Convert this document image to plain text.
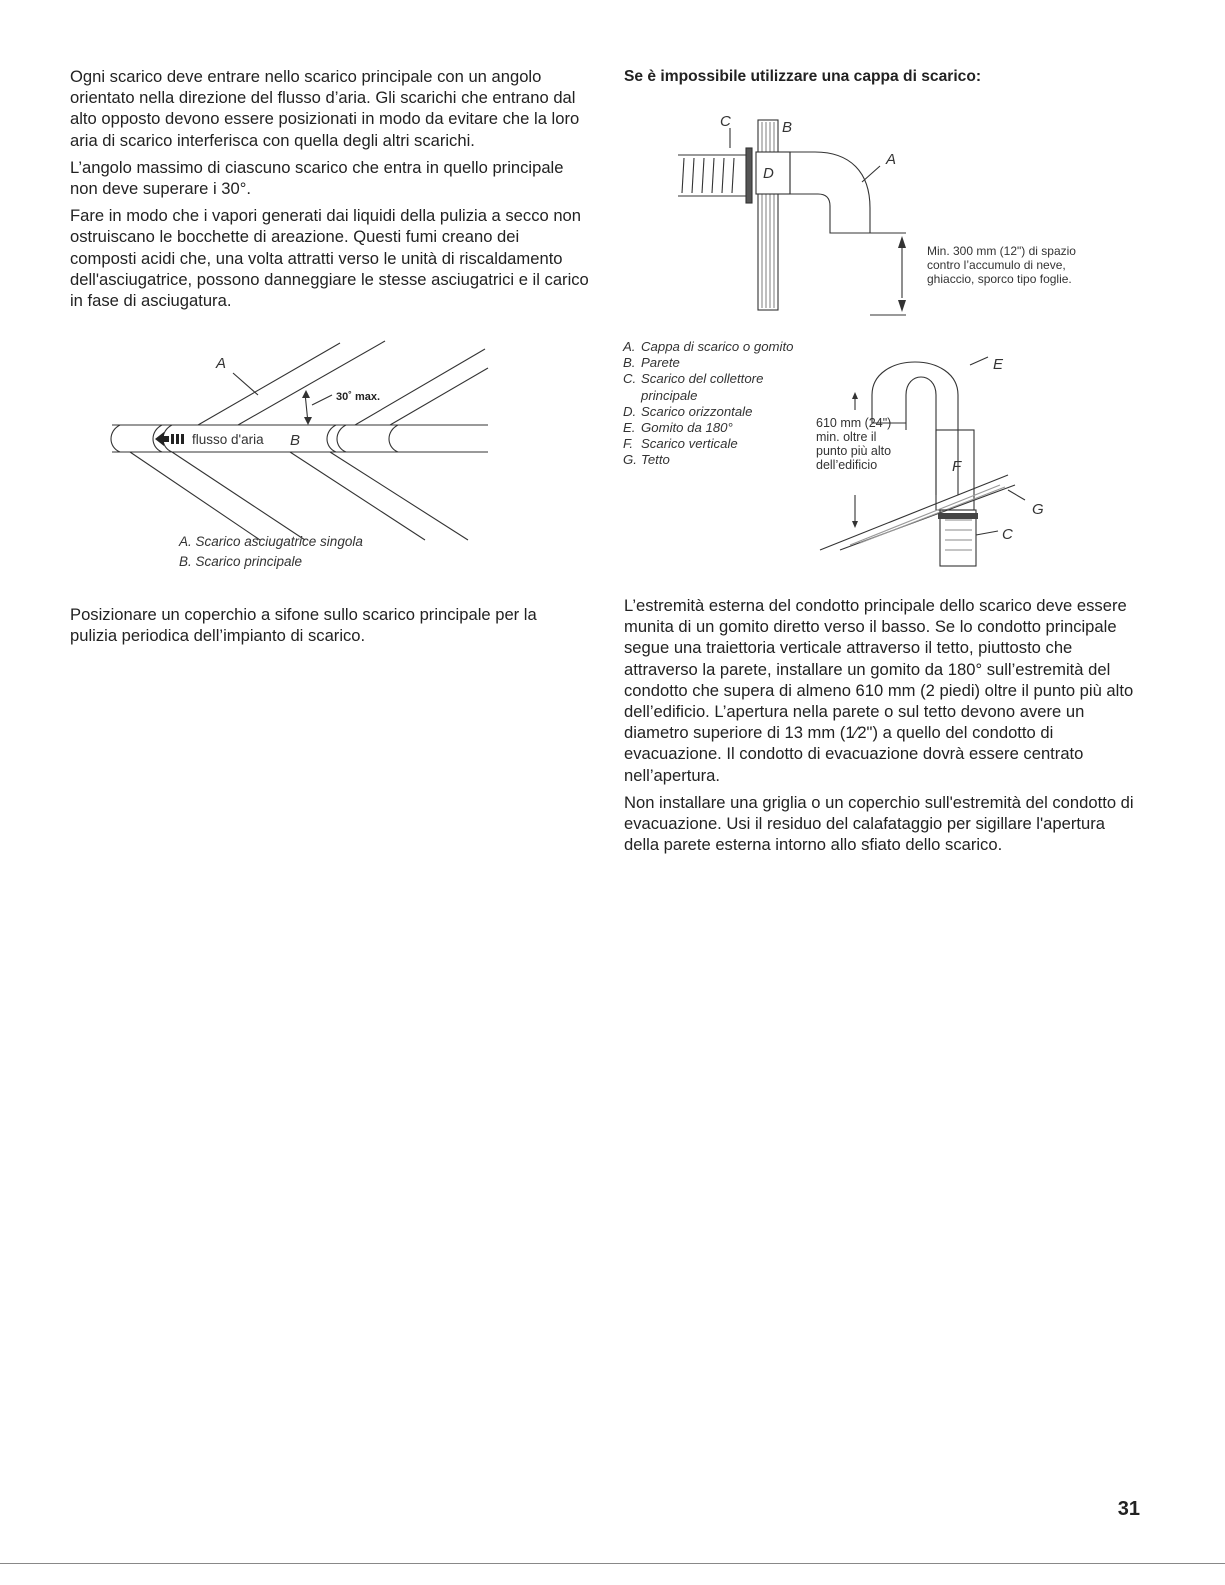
Ogni scarico deve entrare nello scarico principale con un angolo orientato nella direzione del flusso d’aria. Gli scarichi che entrano dal alto opposto devono essere posizionati in modo da evitare che la loro aria di scarico interferisca con quella degli altri scarichi.

L’angolo massimo di ciascuno scarico che entra in quello principale non deve superare i 30°.

Fare in modo che i vapori generati dai liquidi della pulizia a secco non ostruiscano le bocchette di areazione. Questi fumi creano dei composti acidi che, una volta attratti verso le unità di riscaldamento dell'asciugatrice, possono danneggiare le stesse asciugatrici e il carico in fase di asciugatura.

A
30˚ max.
flusso d'aria B
A. Scarico asciugatrice singola
B. Scarico principale

Posizionare un coperchio a sifone sullo scarico principale per la pulizia periodica dell’impianto di scarico.

Se è impossibile utilizzare una cappa di scarico:
C	B
A
D
Min. 300 mm (12") di spazio
contro l’accumulo di neve,
ghiaccio, sporco tipo foglie.
A. Cappa di scarico o gomito
B. Parete
C. Scarico del collettore principale
D. Scarico orizzontale
E. Gomito da 180°
F. Scarico verticale
G. Tetto
E
F
G
C
610 mm (24")
min. oltre il
punto più alto
dell’edificio

L’estremità esterna del condotto principale dello scarico deve essere munita di un gomito diretto verso il basso. Se lo condotto principale segue una traiettoria verticale attraverso il tetto, piuttosto che attraverso la parete, installare un gomito da 180° sull’estremità del condotto che supera di almeno 610 mm (2 piedi) oltre il punto più alto dell’edificio. L’apertura nella parete o sul tetto devono avere un diametro superiore di 13 mm (1⁄2") a quello del condotto di evacuazione. Il condotto di evacuazione dovrà essere centrato nell’apertura.

Non installare una griglia o un coperchio sull'estremità del condotto di evacuazione. Usi il residuo del calafataggio per sigillare l'apertura della parete esterna intorno allo sfiato dello scarico.

31
